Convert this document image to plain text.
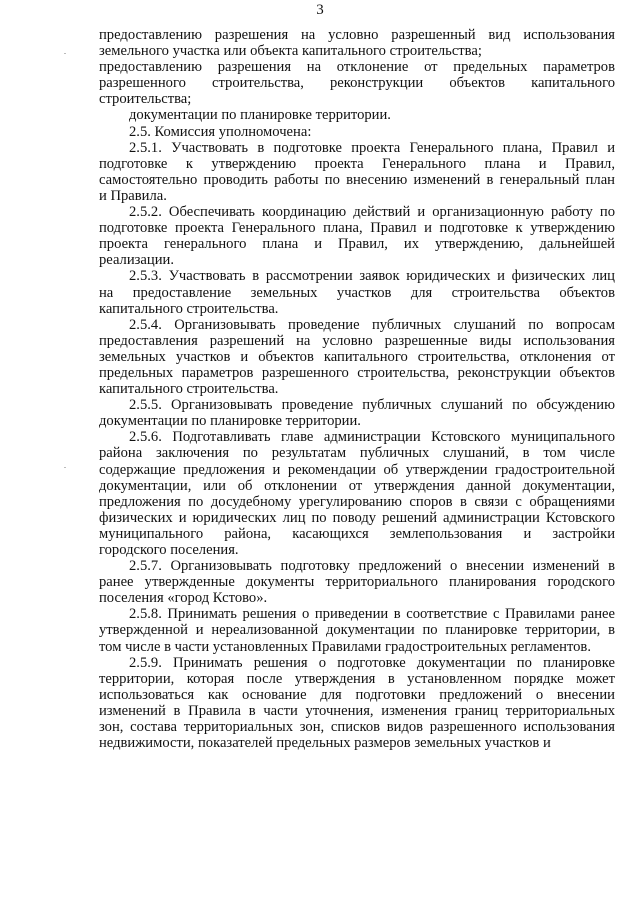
3
предоставлению разрешения на условно разрешенный вид использования
земельного участка или объекта капитального строительства;
предоставлению разрешения на отклонение от предельных параметров
разрешенного строительства, реконструкции объектов капитального
строительства;
документации по планировке территории.
2.5. Комиссия уполномочена:
2.5.1. Участвовать в подготовке проекта Генерального плана, Правил и
подготовке к утверждению проекта Генерального плана и Правил,
самостоятельно проводить работы по внесению изменений в генеральный план
и Правила.
2.5.2. Обеспечивать координацию действий и организационную работу по
подготовке проекта Генерального плана, Правил и подготовке к утверждению
проекта генерального плана и Правил, их утверждению, дальнейшей
реализации.
2.5.3. Участвовать в рассмотрении заявок юридических и физических лиц
на предоставление земельных участков для строительства объектов
капитального строительства.
2.5.4. Организовывать проведение публичных слушаний по вопросам
предоставления разрешений на условно разрешенные виды использования
земельных участков и объектов капитального строительства, отклонения от
предельных параметров разрешенного строительства, реконструкции объектов
капитального строительства.
2.5.5. Организовывать проведение публичных слушаний по обсуждению
документации по планировке территории.
2.5.6. Подготавливать главе администрации Кстовского муниципального
района заключения по результатам публичных слушаний, в том числе
содержащие предложения и рекомендации об утверждении градостроительной
документации, или об отклонении от утверждения данной документации,
предложения по досудебному урегулированию споров в связи с обращениями
физических и юридических лиц по поводу решений администрации Кстовского
муниципального района, касающихся землепользования и застройки
городского поселения.
2.5.7. Организовывать подготовку предложений о внесении изменений в
ранее утвержденные документы территориального планирования городского
поселения «город Кстово».
2.5.8. Принимать решения о приведении в соответствие с Правилами ранее
утвержденной и нереализованной документации по планировке территории, в
том числе в части установленных Правилами градостроительных регламентов.
2.5.9. Принимать решения о подготовке документации по планировке
территории, которая после утверждения в установленном порядке может
использоваться как основание для подготовки предложений о внесении
изменений в Правила в части уточнения, изменения границ территориальных
зон, состава территориальных зон, списков видов разрешенного использования
недвижимости, показателей предельных размеров земельных участков и
